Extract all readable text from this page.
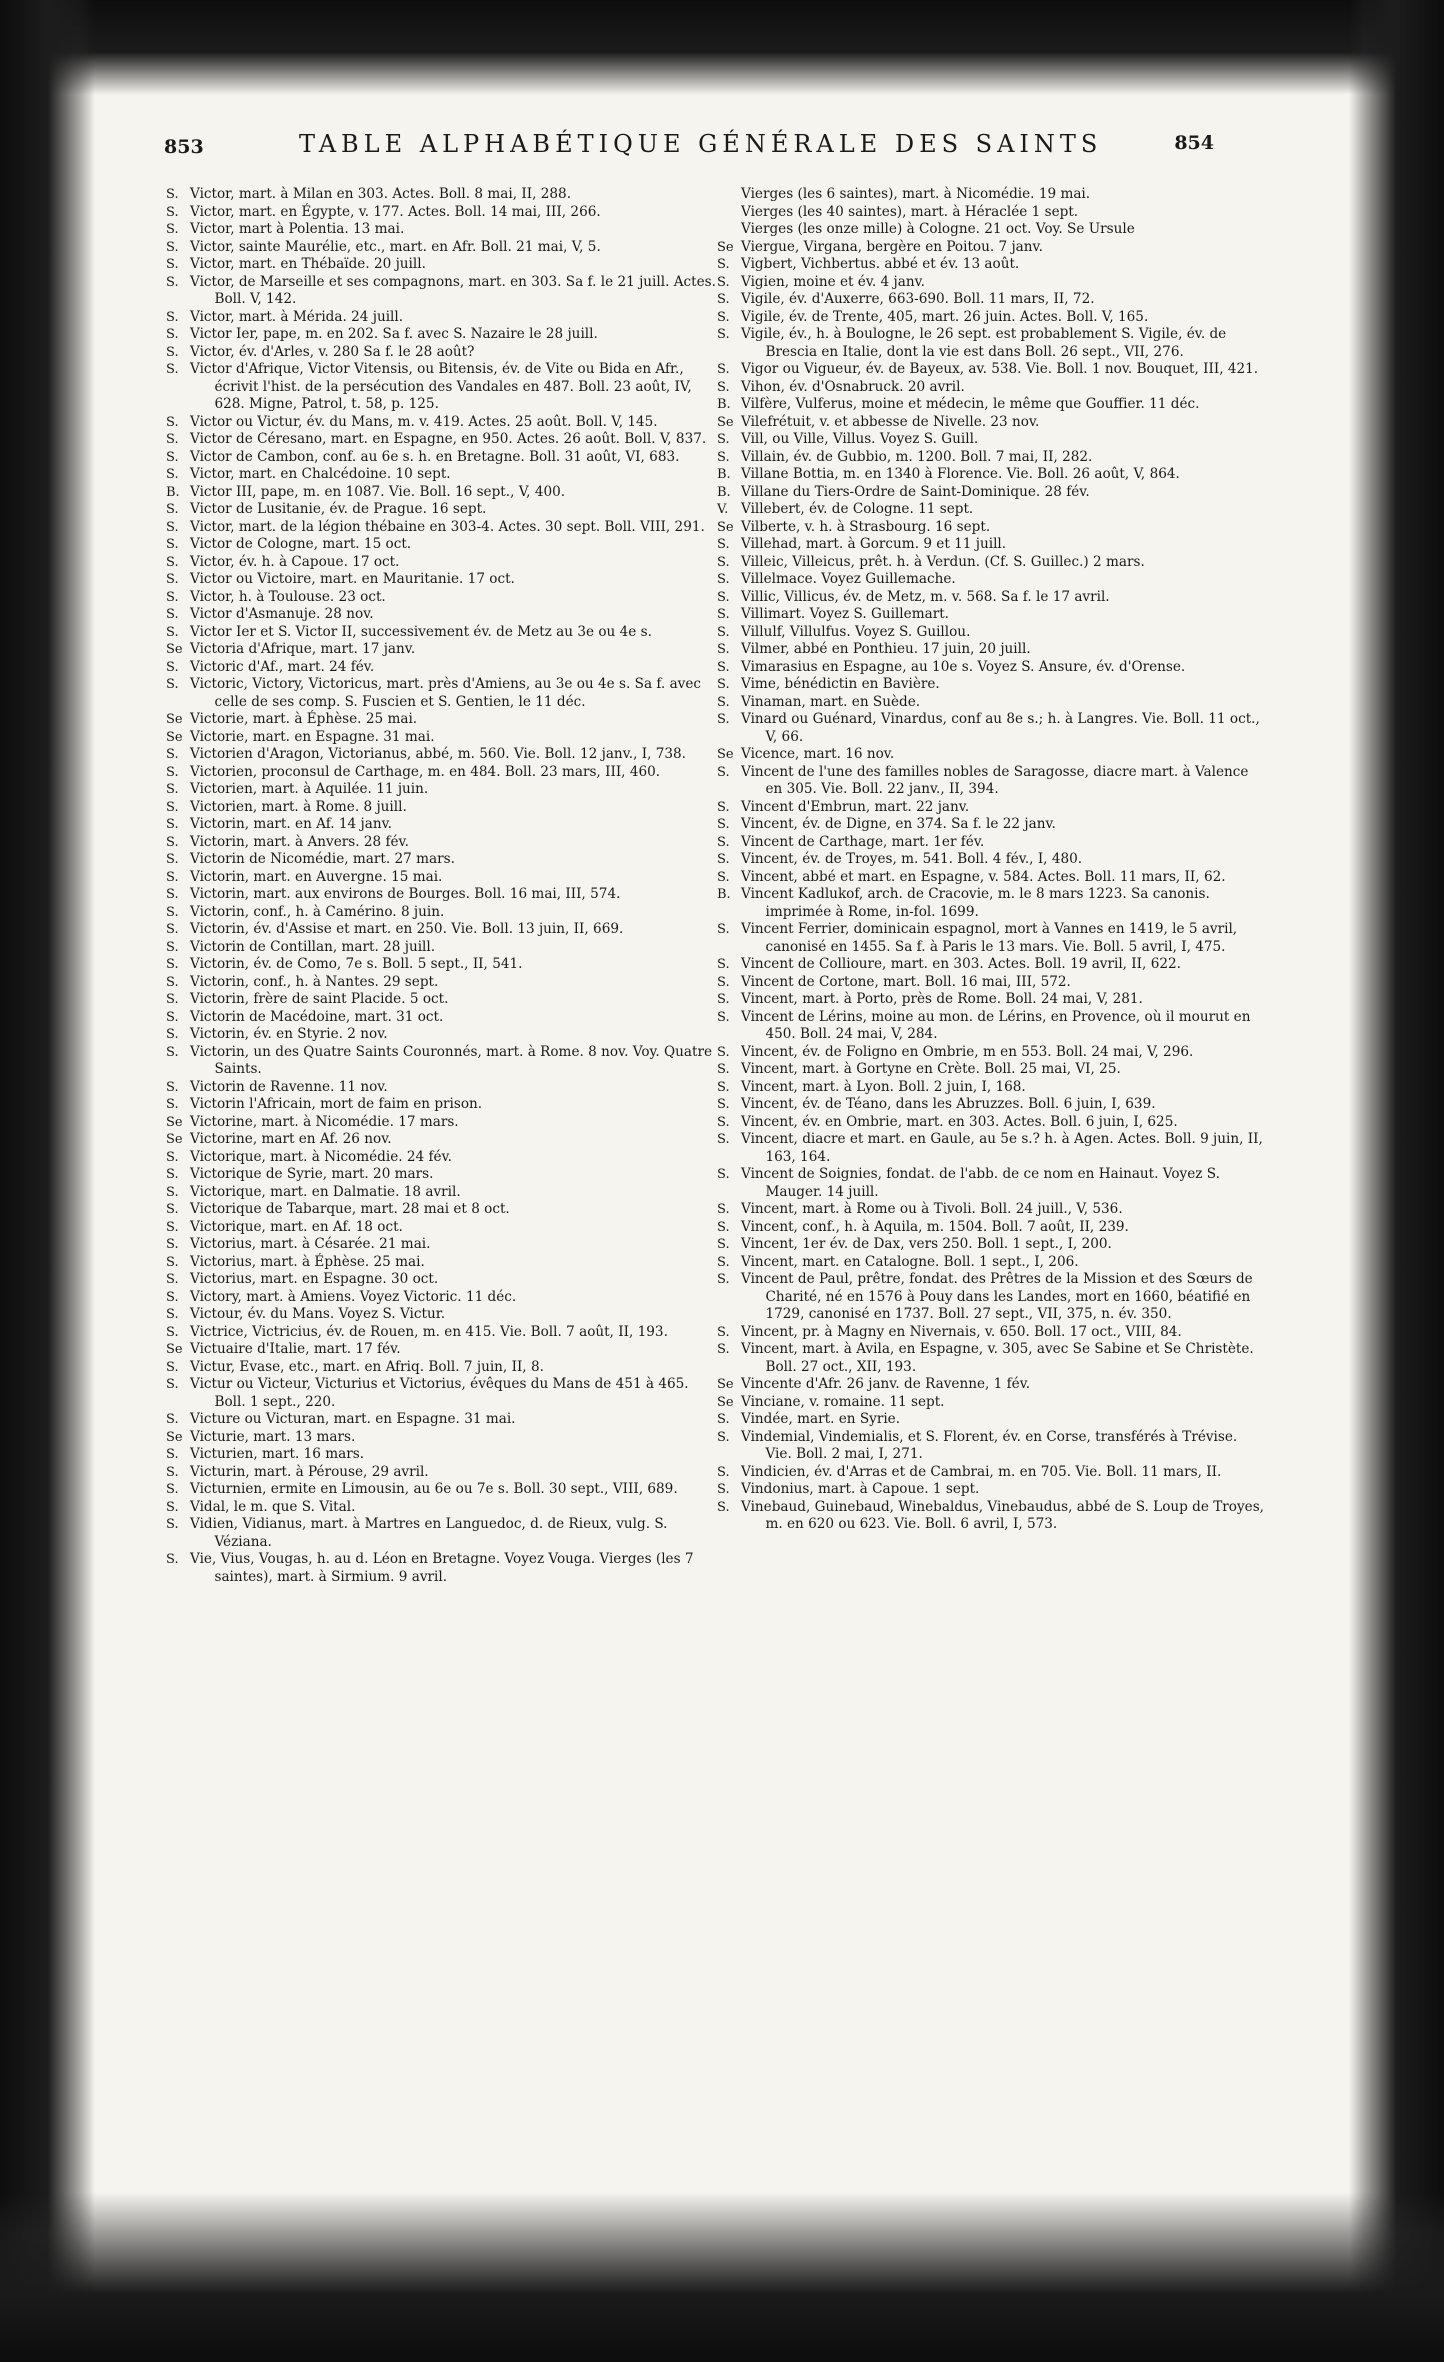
853	TABLE ALPHABÉTIQUE GÉNÉRALE DES SAINTS	854
S. Victor, mart. à Milan en 303. Actes. Boll. 8 mai, II, 288.
S. Victor, mart. en Égypte, v. 177. Actes. Boll. 14 mai, III, 266.
S. Victor, mart à Polentia. 13 mai.
S. Victor, sainte Maurélie, etc., mart. en Afr. Boll. 21 mai, V, 5.
S. Victor, mart. en Thébaïde. 20 juill.
S. Victor, de Marseille et ses compagnons, mart. en 303. Sa f. le 21 juill. Actes. Boll. V, 142.
S. Victor, mart. à Mérida. 24 juill.
S. Victor Ier, pape, m. en 202. Sa f. avec S. Nazaire le 28 juill.
S. Victor, év. d'Arles, v. 280 Sa f. le 28 août?
S. Victor d'Afrique, Victor Vitensis, ou Bitensis, év. de Vite ou Bida en Afr., écrivit l'hist. de la persécution des Vandales en 487. Boll. 23 août, IV, 628. Migne, Patrol, t. 58, p. 125.
S. Victor ou Victur, év. du Mans, m. v. 419. Actes. 25 août. Boll. V, 145.
S. Victor de Céresano, mart. en Espagne, en 950. Actes. 26 août. Boll. V, 837.
S. Victor de Cambon, conf. au 6e s. h. en Bretagne. Boll. 31 août, VI, 683.
S. Victor, mart. en Chalcédoine. 10 sept.
B. Victor III, pape, m. en 1087. Vie. Boll. 16 sept., V, 400.
S. Victor de Lusitanie, év. de Prague. 16 sept.
S. Victor, mart. de la légion thébaine en 303-4. Actes. 30 sept. Boll. VIII, 291.
S. Victor de Cologne, mart. 15 oct.
S. Victor, év. h. à Capoue. 17 oct.
S. Victor ou Victoire, mart. en Mauritanie. 17 oct.
S. Victor, h. à Toulouse. 23 oct.
S. Victor d'Asmanuje. 28 nov.
S. Victor Ier et S. Victor II, successivement év. de Metz au 3e ou 4e s.
Se Victoria d'Afrique, mart. 17 janv.
S. Victoric d'Af., mart. 24 fév.
S. Victoric, Victory, Victoricus, mart. près d'Amiens, au 3e ou 4e s. Sa f. avec celle de ses comp. S. Fuscien et S. Gentien, le 11 déc.
Se Victorie, mart. à Éphèse. 25 mai.
Se Victorie, mart. en Espagne. 31 mai.
S. Victorien d'Aragon, Victorianus, abbé, m. 560. Vie. Boll. 12 janv., I, 738.
S. Victorien, proconsul de Carthage, m. en 484. Boll. 23 mars, III, 460.
S. Victorien, mart. à Aquilée. 11 juin.
S. Victorien, mart. à Rome. 8 juill.
S. Victorin, mart. en Af. 14 janv.
S. Victorin, mart. à Anvers. 28 fév.
S. Victorin de Nicomédie, mart. 27 mars.
S. Victorin, mart. en Auvergne. 15 mai.
S. Victorin, mart. aux environs de Bourges. Boll. 16 mai, III, 574.
S. Victorin, conf., h. à Camérino. 8 juin.
S. Victorin, év. d'Assise et mart. en 250. Vie. Boll. 13 juin, II, 669.
S. Victorin de Contillan, mart. 28 juill.
S. Victorin, év. de Como, 7e s. Boll. 5 sept., II, 541.
S. Victorin, conf., h. à Nantes. 29 sept.
S. Victorin, frère de saint Placide. 5 oct.
S. Victorin de Macédoine, mart. 31 oct.
S. Victorin, év. en Styrie. 2 nov.
S. Victorin, un des Quatre Saints Couronnés, mart. à Rome. 8 nov. Voy. Quatre Saints.
S. Victorin de Ravenne. 11 nov.
S. Victorin l'Africain, mort de faim en prison.
Se Victorine, mart. à Nicomédie. 17 mars.
Se Victorine, mart en Af. 26 nov.
S. Victorique, mart. à Nicomédie. 24 fév.
S. Victorique de Syrie, mart. 20 mars.
S. Victorique, mart. en Dalmatie. 18 avril.
S. Victorique de Tabarque, mart. 28 mai et 8 oct.
S. Victorique, mart. en Af. 18 oct.
S. Victorius, mart. à Césarée. 21 mai.
S. Victorius, mart. à Éphèse. 25 mai.
S. Victorius, mart. en Espagne. 30 oct.
S. Victory, mart. à Amiens. Voyez Victoric. 11 déc.
S. Victour, év. du Mans. Voyez S. Victur.
S. Victrice, Victricius, év. de Rouen, m. en 415. Vie. Boll. 7 août, II, 193.
Se Victuaire d'Italie, mart. 17 fév.
S. Victur, Evase, etc., mart. en Afriq. Boll. 7 juin, II, 8.
S. Victur ou Victeur, Victurius et Victorius, évêques du Mans de 451 à 465. Boll. 1 sept., 220.
S. Victure ou Victuran, mart. en Espagne. 31 mai.
Se Victurie, mart. 13 mars.
S. Victurien, mart. 16 mars.
S. Victurin, mart. à Pérouse, 29 avril.
S. Victurnien, ermite en Limousin, au 6e ou 7e s. Boll. 30 sept., VIII, 689.
S. Vidal, le m. que S. Vital.
S. Vidien, Vidianus, mart. à Martres en Languedoc, d. de Rieux, vulg. S. Véziana.
S. Vie, Vius, Vougas, h. au d. Léon en Bretagne. Voyez Vouga. Vierges (les 7 saintes), mart. à Sirmium. 9 avril.
Vierges (les 6 saintes), mart. à Nicomédie. 19 mai.
Vierges (les 40 saintes), mart. à Héraclée 1 sept.
Vierges (les onze mille) à Cologne. 21 oct. Voy. Se Ursule
Se Viergue, Virgana, bergère en Poitou. 7 janv.
S. Vigbert, Vichbertus. abbé et év. 13 août.
S. Vigien, moine et év. 4 janv.
S. Vigile, év. d'Auxerre, 663-690. Boll. 11 mars, II, 72.
S. Vigile, év. de Trente, 405, mart. 26 juin. Actes. Boll. V, 165.
S. Vigile, év., h. à Boulogne, le 26 sept. est probablement S. Vigile, év. de Brescia en Italie, dont la vie est dans Boll. 26 sept., VII, 276.
S. Vigor ou Vigueur, év. de Bayeux, av. 538. Vie. Boll. 1 nov. Bouquet, III, 421.
S. Vihon, év. d'Osnabruck. 20 avril.
B. Vilfère, Vulferus, moine et médecin, le même que Gouffier. 11 déc.
Se Vilefrétuit, v. et abbesse de Nivelle. 23 nov.
S. Vill, ou Ville, Villus. Voyez S. Guill.
S. Villain, év. de Gubbio, m. 1200. Boll. 7 mai, II, 282.
B. Villane Bottia, m. en 1340 à Florence. Vie. Boll. 26 août, V, 864.
B. Villane du Tiers-Ordre de Saint-Dominique. 28 fév.
V. Villebert, év. de Cologne. 11 sept.
Se Vilberte, v. h. à Strasbourg. 16 sept.
S. Villehad, mart. à Gorcum. 9 et 11 juill.
S. Villeic, Villeicus, prêt. h. à Verdun. (Cf. S. Guillec.) 2 mars.
S. Villelmace. Voyez Guillemache.
S. Villic, Villicus, év. de Metz, m. v. 568. Sa f. le 17 avril.
S. Villimart. Voyez S. Guillemart.
S. Villulf, Villulfus. Voyez S. Guillou.
S. Vilmer, abbé en Ponthieu. 17 juin, 20 juill.
S. Vimarasius en Espagne, au 10e s. Voyez S. Ansure, év. d'Orense.
S. Vime, bénédictin en Bavière.
S. Vinaman, mart. en Suède.
S. Vinard ou Guénard, Vinardus, conf au 8e s.; h. à Langres. Vie. Boll. 11 oct., V, 66.
Se Vicence, mart. 16 nov.
S. Vincent de l'une des familles nobles de Saragosse, diacre mart. à Valence en 305. Vie. Boll. 22 janv., II, 394.
S. Vincent d'Embrun, mart. 22 janv.
S. Vincent, év. de Digne, en 374. Sa f. le 22 janv.
S. Vincent de Carthage, mart. 1er fév.
S. Vincent, év. de Troyes, m. 541. Boll. 4 fév., I, 480.
S. Vincent, abbé et mart. en Espagne, v. 584. Actes. Boll. 11 mars, II, 62.
B. Vincent Kadlukof, arch. de Cracovie, m. le 8 mars 1223. Sa canonis. imprimée à Rome, in-fol. 1699.
S. Vincent Ferrier, dominicain espagnol, mort à Vannes en 1419, le 5 avril, canonisé en 1455. Sa f. à Paris le 13 mars. Vie. Boll. 5 avril, I, 475.
S. Vincent de Collioure, mart. en 303. Actes. Boll. 19 avril, II, 622.
S. Vincent de Cortone, mart. Boll. 16 mai, III, 572.
S. Vincent, mart. à Porto, près de Rome. Boll. 24 mai, V, 281.
S. Vincent de Lérins, moine au mon. de Lérins, en Provence, où il mourut en 450. Boll. 24 mai, V, 284.
S. Vincent, év. de Foligno en Ombrie, m en 553. Boll. 24 mai, V, 296.
S. Vincent, mart. à Gortyne en Crète. Boll. 25 mai, VI, 25.
S. Vincent, mart. à Lyon. Boll. 2 juin, I, 168.
S. Vincent, év. de Téano, dans les Abruzzes. Boll. 6 juin, I, 639.
S. Vincent, év. en Ombrie, mart. en 303. Actes. Boll. 6 juin, I, 625.
S. Vincent, diacre et mart. en Gaule, au 5e s.? h. à Agen. Actes. Boll. 9 juin, II, 163, 164.
S. Vincent de Soignies, fondat. de l'abb. de ce nom en Hainaut. Voyez S. Mauger. 14 juill.
S. Vincent, mart. à Rome ou à Tivoli. Boll. 24 juill., V, 536.
S. Vincent, conf., h. à Aquila, m. 1504. Boll. 7 août, II, 239.
S. Vincent, 1er év. de Dax, vers 250. Boll. 1 sept., I, 200.
S. Vincent, mart. en Catalogne. Boll. 1 sept., I, 206.
S. Vincent de Paul, prêtre, fondat. des Prêtres de la Mission et des Sœurs de Charité, né en 1576 à Pouy dans les Landes, mort en 1660, béatifié en 1729, canonisé en 1737. Boll. 27 sept., VII, 375, n. év. 350.
S. Vincent, pr. à Magny en Nivernais, v. 650. Boll. 17 oct., VIII, 84.
S. Vincent, mart. à Avila, en Espagne, v. 305, avec Se Sabine et Se Christète. Boll. 27 oct., XII, 193.
Se Vincente d'Afr. 26 janv. de Ravenne, 1 fév.
Se Vinciane, v. romaine. 11 sept.
S. Vindée, mart. en Syrie.
S. Vindemial, Vindemialis, et S. Florent, év. en Corse, transférés à Trévise. Vie. Boll. 2 mai, I, 271.
S. Vindicien, év. d'Arras et de Cambrai, m. en 705. Vie. Boll. 11 mars, II.
S. Vindonius, mart. à Capoue. 1 sept.
S. Vinebaud, Guinebaud, Winebaldus, Vinebaudus, abbé de S. Loup de Troyes, m. en 620 ou 623. Vie. Boll. 6 avril, I, 573.
